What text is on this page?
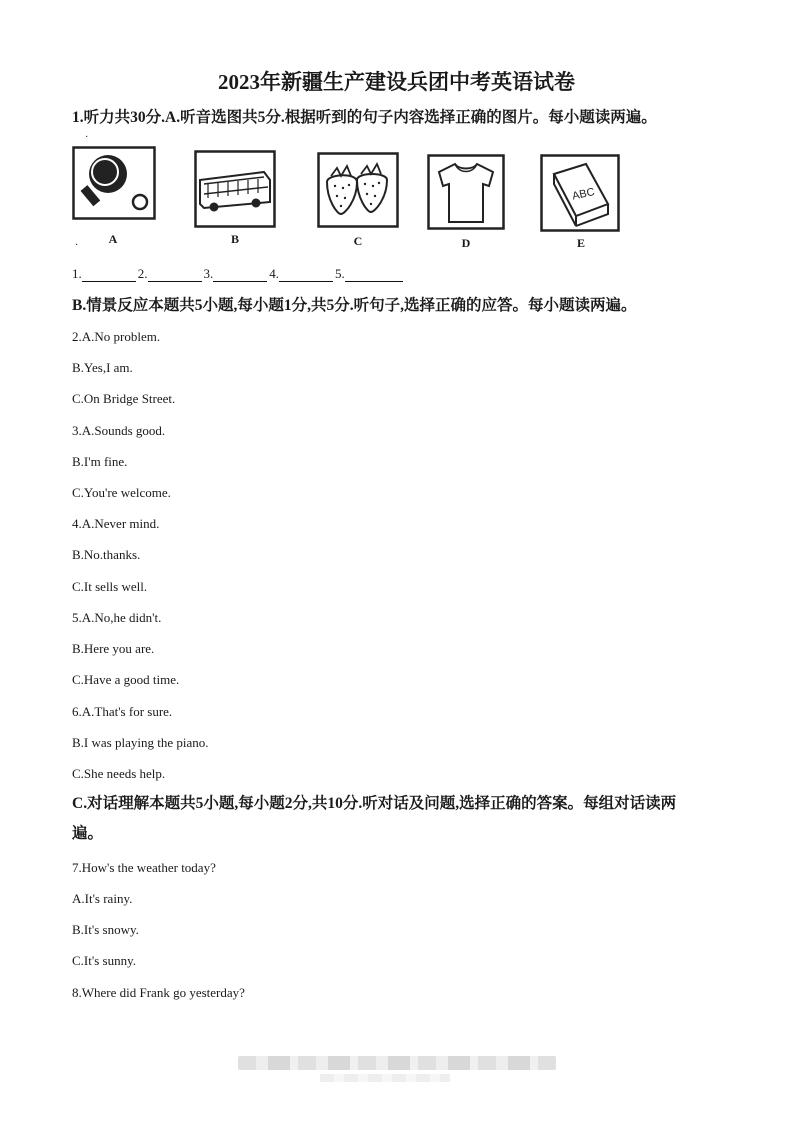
2023年新疆生产建设兵团中考英语试卷
1.听力共30分.A.听音选图共5分.根据听到的句子内容选择正确的图片。每小题读两遍。
·
A	B	C	D
ABC
E
·
1.	2.	3.	4.	5.
B.情景反应本题共5小题,每小题1分,共5分.听句子,选择正确的应答。每小题读两遍。
2.A.No problem.
B.Yes,I am.
C.On Bridge Street.
3.A.Sounds good.
B.I'm fine.
C.You're welcome.
4.A.Never mind.
B.No.thanks.
C.It sells well.
5.A.No,he didn't.
B.Here you are.
C.Have a good time.
6.A.That's for sure.
B.I was playing the piano.
C.She needs help.
C.对话理解本题共5小题,每小题2分,共10分.听对话及问题,选择正确的答案。每组对话读两
遍。
7.How's the weather today?
A.It's rainy.
B.It's snowy.
C.It's sunny.
8.Where did Frank go yesterday?
